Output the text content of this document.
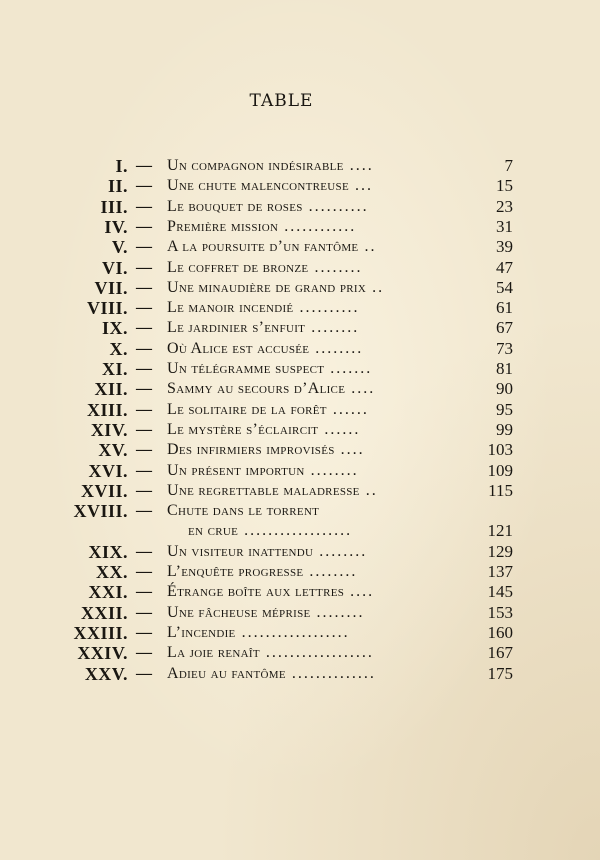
TABLE
I. — Un compagnon indésirable ....	7
II. — Une chute malencontreuse ...	15
III. — Le bouquet de roses ..........	23
IV. — Première mission ............	31
V. — A la poursuite d’un fantôme ..	39
VI. — Le coffret de bronze ........	47
VII. — Une minaudière de grand prix ..	54
VIII. — Le manoir incendié ..........	61
IX. — Le jardinier s’enfuit ........	67
X. — Où Alice est accusée ........	73
XI. — Un télégramme suspect .......	81
XII. — Sammy au secours d’Alice ....	90
XIII. — Le solitaire de la forêt ......	95
XIV. — Le mystère s’éclaircit ......	99
XV. — Des infirmiers improvisés ....	103
XVI. — Un présent importun ........	109
XVII. — Une regrettable maladresse ..	115
XVIII. — Chute dans le torrent
en crue ..................	121
XIX. — Un visiteur inattendu ........	129
XX. — L’enquête progresse ........	137
XXI. — Étrange boîte aux lettres ....	145
XXII. — Une fâcheuse méprise ........	153
XXIII. — L’incendie ..................	160
XXIV. — La joie renaît ..................	167
XXV. — Adieu au fantôme ..............	175
